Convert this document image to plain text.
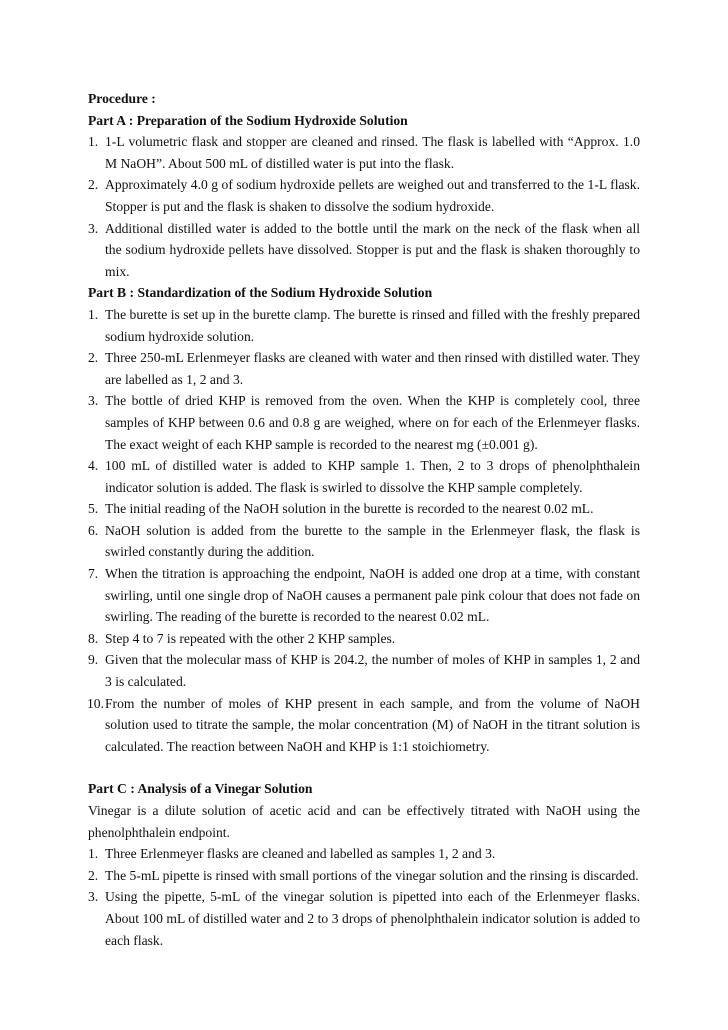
Procedure :
Part A : Preparation of the Sodium Hydroxide Solution
1. 1-L volumetric flask and stopper are cleaned and rinsed. The flask is labelled with “Approx. 1.0 M NaOH”. About 500 mL of distilled water is put into the flask.
2. Approximately 4.0 g of sodium hydroxide pellets are weighed out and transferred to the 1-L flask. Stopper is put and the flask is shaken to dissolve the sodium hydroxide.
3. Additional distilled water is added to the bottle until the mark on the neck of the flask when all the sodium hydroxide pellets have dissolved. Stopper is put and the flask is shaken thoroughly to mix.
Part B : Standardization of the Sodium Hydroxide Solution
1. The burette is set up in the burette clamp. The burette is rinsed and filled with the freshly prepared sodium hydroxide solution.
2. Three 250-mL Erlenmeyer flasks are cleaned with water and then rinsed with distilled water. They are labelled as 1, 2 and 3.
3. The bottle of dried KHP is removed from the oven. When the KHP is completely cool, three samples of KHP between 0.6 and 0.8 g are weighed, where on for each of the Erlenmeyer flasks. The exact weight of each KHP sample is recorded to the nearest mg (±0.001 g).
4. 100 mL of distilled water is added to KHP sample 1. Then, 2 to 3 drops of phenolphthalein indicator solution is added. The flask is swirled to dissolve the KHP sample completely.
5. The initial reading of the NaOH solution in the burette is recorded to the nearest 0.02 mL.
6. NaOH solution is added from the burette to the sample in the Erlenmeyer flask, the flask is swirled constantly during the addition.
7. When the titration is approaching the endpoint, NaOH is added one drop at a time, with constant swirling, until one single drop of NaOH causes a permanent pale pink colour that does not fade on swirling. The reading of the burette is recorded to the nearest 0.02 mL.
8. Step 4 to 7 is repeated with the other 2 KHP samples.
9. Given that the molecular mass of KHP is 204.2, the number of moles of KHP in samples 1, 2 and 3 is calculated.
10. From the number of moles of KHP present in each sample, and from the volume of NaOH solution used to titrate the sample, the molar concentration (M) of NaOH in the titrant solution is calculated. The reaction between NaOH and KHP is 1:1 stoichiometry.
Part C : Analysis of a Vinegar Solution

Vinegar is a dilute solution of acetic acid and can be effectively titrated with NaOH using the phenolphthalein endpoint.

1. Three Erlenmeyer flasks are cleaned and labelled as samples 1, 2 and 3.
2. The 5-mL pipette is rinsed with small portions of the vinegar solution and the rinsing is discarded.
3. Using the pipette, 5-mL of the vinegar solution is pipetted into each of the Erlenmeyer flasks. About 100 mL of distilled water and 2 to 3 drops of phenolphthalein indicator solution is added to each flask.
